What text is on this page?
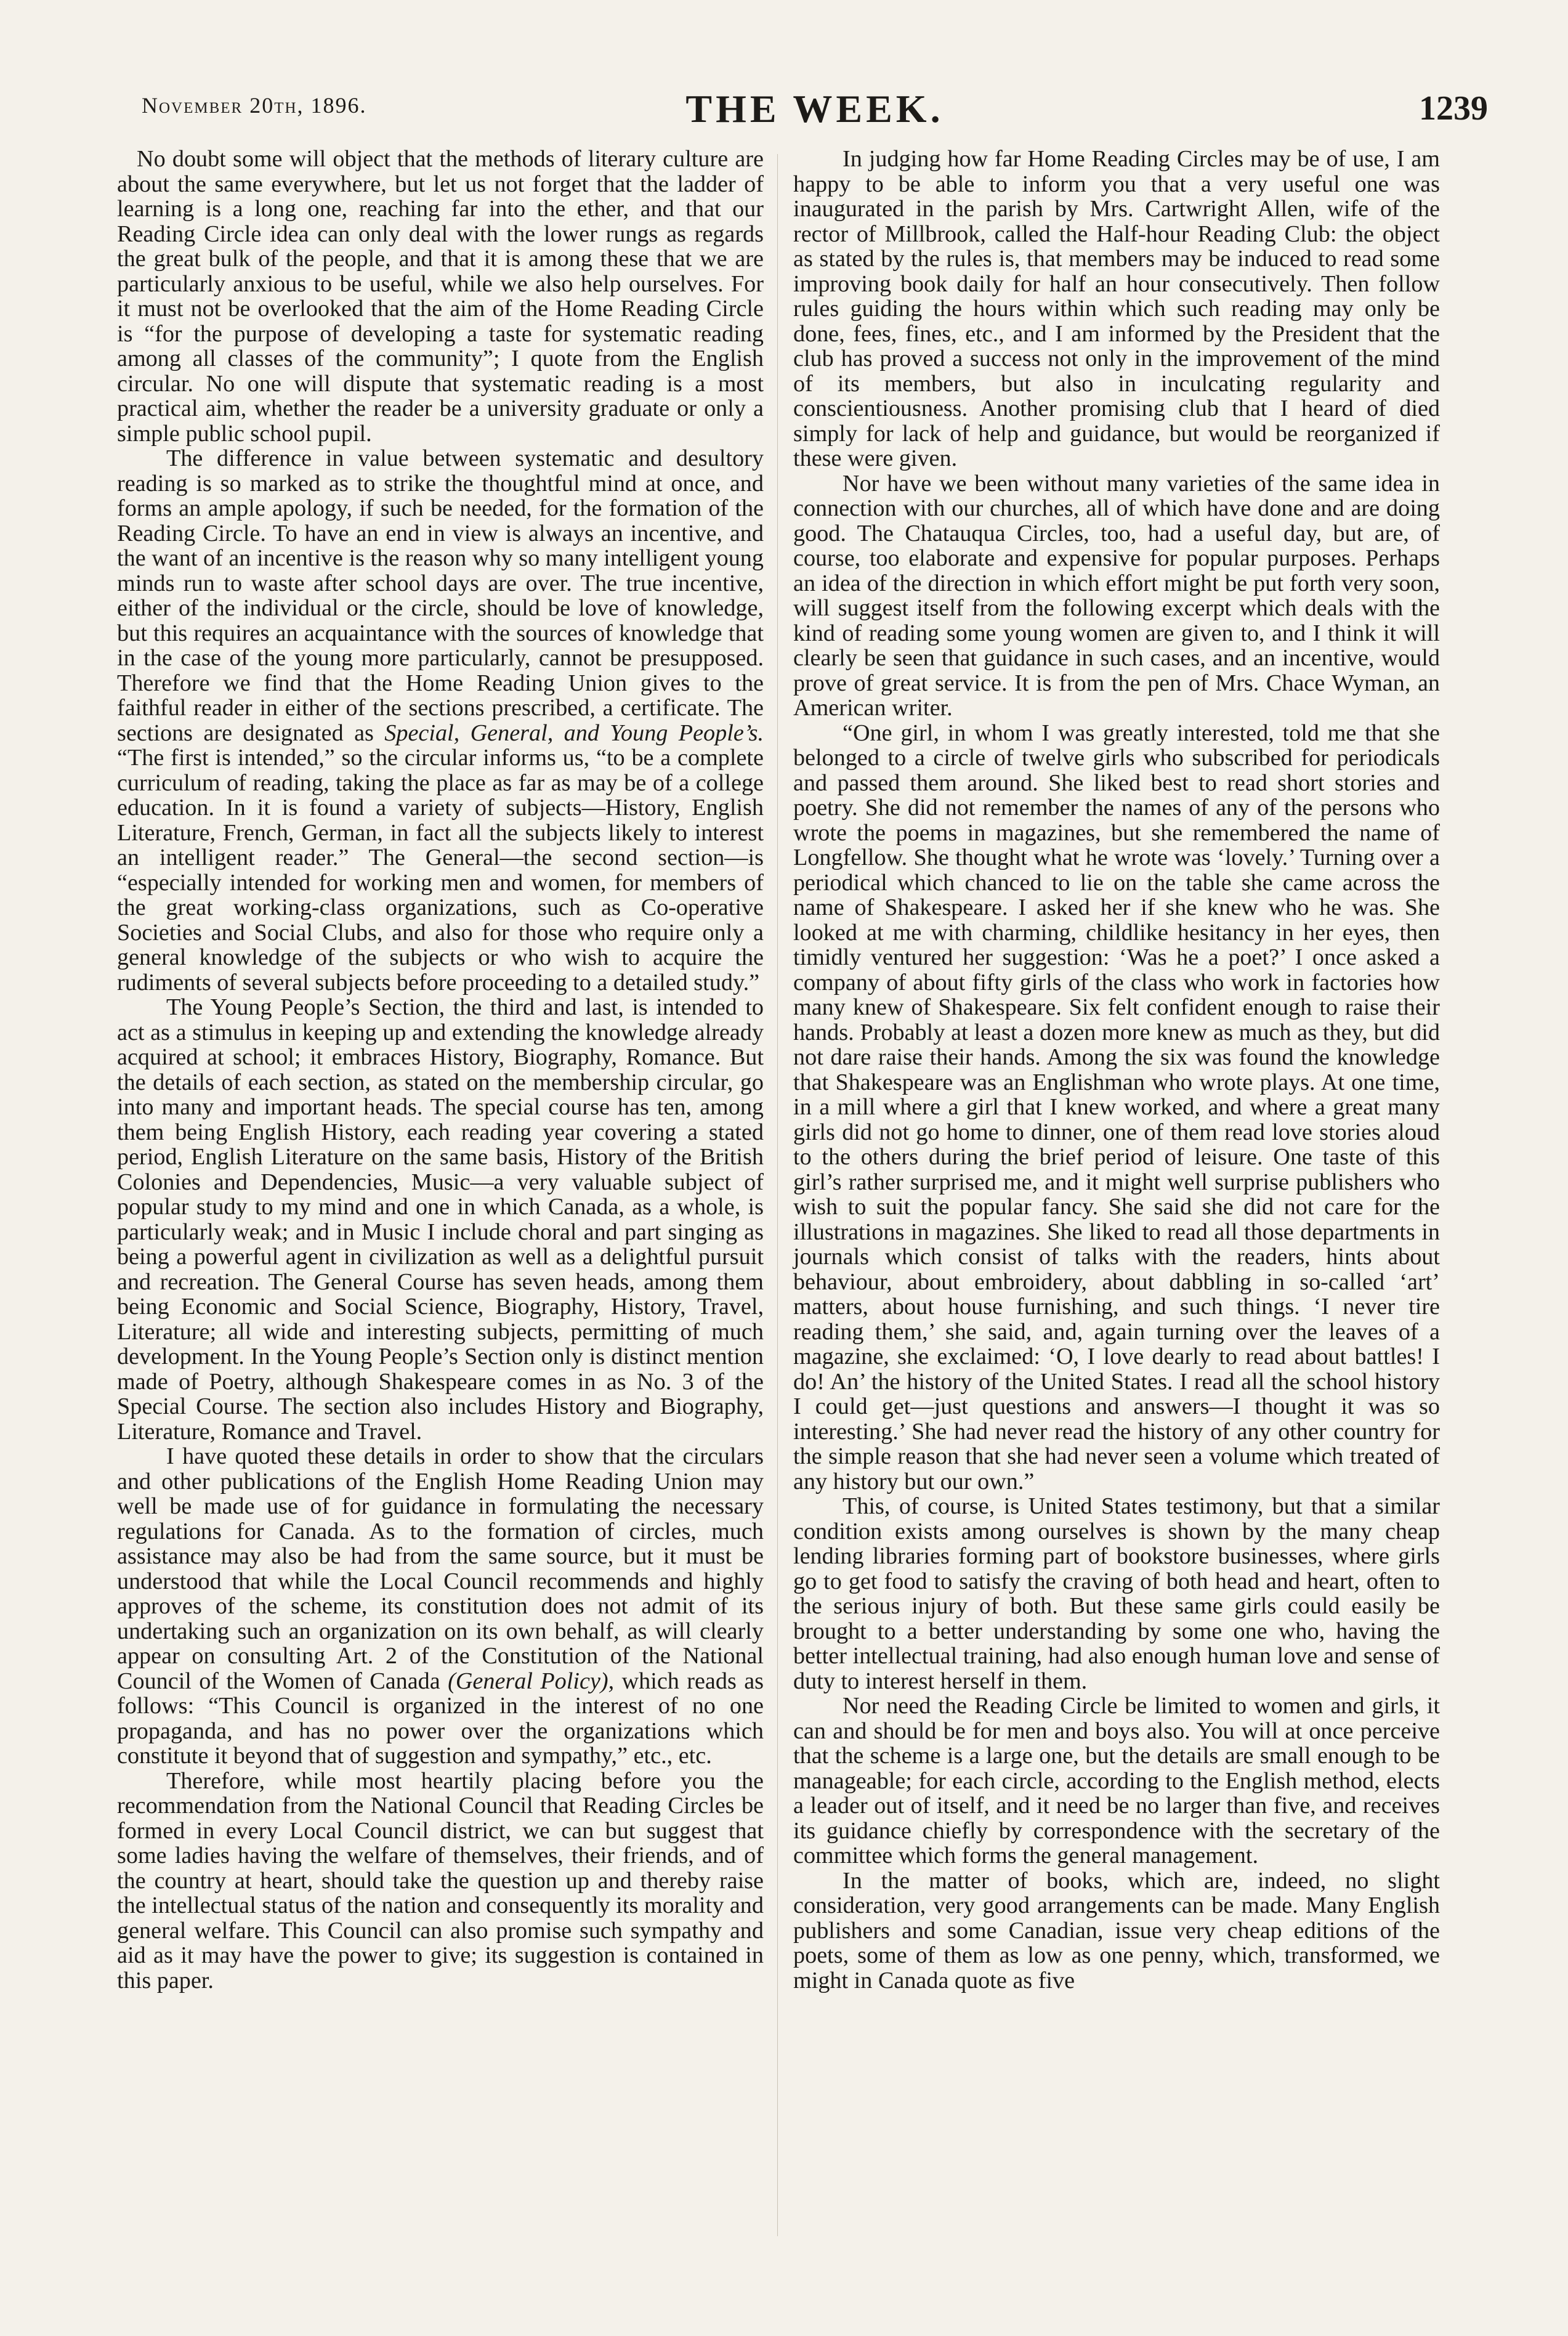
November 20th, 1896.	THE WEEK.	1239

No doubt some will object that the methods of literary culture are about the same everywhere, but let us not forget that the ladder of learning is a long one, reaching far into the ether, and that our Reading Circle idea can only deal with the lower rungs as regards the great bulk of the people, and that it is among these that we are particularly anxious to be useful, while we also help ourselves. For it must not be overlooked that the aim of the Home Reading Circle is “for the purpose of developing a taste for systematic reading among all classes of the community”; I quote from the English circular. No one will dispute that systematic reading is a most practical aim, whether the reader be a university graduate or only a simple public school pupil.

The difference in value between systematic and desultory reading is so marked as to strike the thoughtful mind at once, and forms an ample apology, if such be needed, for the formation of the Reading Circle. To have an end in view is always an incentive, and the want of an incentive is the reason why so many intelligent young minds run to waste after school days are over. The true incentive, either of the individual or the circle, should be love of knowledge, but this requires an acquaintance with the sources of knowledge that in the case of the young more particularly, cannot be presupposed. Therefore we find that the Home Reading Union gives to the faithful reader in either of the sections prescribed, a certificate. The sections are designated as Special, General, and Young People’s. “The first is intended,” so the circular informs us, “to be a complete curriculum of reading, taking the place as far as may be of a college education. In it is found a variety of subjects—History, English Literature, French, German, in fact all the subjects likely to interest an intelligent reader.” The General—the second section—is “especially intended for working men and women, for members of the great working-class organizations, such as Co-operative Societies and Social Clubs, and also for those who require only a general knowledge of the subjects or who wish to acquire the rudiments of several subjects before proceeding to a detailed study.”

The Young People’s Section, the third and last, is intended to act as a stimulus in keeping up and extending the knowledge already acquired at school; it embraces History, Biography, Romance. But the details of each section, as stated on the membership circular, go into many and important heads. The special course has ten, among them being English History, each reading year covering a stated period, English Literature on the same basis, History of the British Colonies and Dependencies, Music—a very valuable subject of popular study to my mind and one in which Canada, as a whole, is particularly weak; and in Music I include choral and part singing as being a powerful agent in civilization as well as a delightful pursuit and recreation. The General Course has seven heads, among them being Economic and Social Science, Biography, History, Travel, Literature; all wide and interesting subjects, permitting of much development. In the Young People’s Section only is distinct mention made of Poetry, although Shakespeare comes in as No. 3 of the Special Course. The section also includes History and Biography, Literature, Romance and Travel.

I have quoted these details in order to show that the circulars and other publications of the English Home Reading Union may well be made use of for guidance in formulating the necessary regulations for Canada. As to the formation of circles, much assistance may also be had from the same source, but it must be understood that while the Local Council recommends and highly approves of the scheme, its constitution does not admit of its undertaking such an organization on its own behalf, as will clearly appear on consulting Art. 2 of the Constitution of the National Council of the Women of Canada (General Policy), which reads as follows: “This Council is organized in the interest of no one propaganda, and has no power over the organizations which constitute it beyond that of suggestion and sympathy,” etc., etc.

Therefore, while most heartily placing before you the recommendation from the National Council that Reading Circles be formed in every Local Council district, we can but suggest that some ladies having the welfare of themselves, their friends, and of the country at heart, should take the question up and thereby raise the intellectual status of the nation and consequently its morality and general welfare. This Council can also promise such sympathy and aid as it may have the power to give; its suggestion is contained in this paper.

In judging how far Home Reading Circles may be of use, I am happy to be able to inform you that a very useful one was inaugurated in the parish by Mrs. Cartwright Allen, wife of the rector of Millbrook, called the Half-hour Reading Club: the object as stated by the rules is, that members may be induced to read some improving book daily for half an hour consecutively. Then follow rules guiding the hours within which such reading may only be done, fees, fines, etc., and I am informed by the President that the club has proved a success not only in the improvement of the mind of its members, but also in inculcating regularity and conscientiousness. Another promising club that I heard of died simply for lack of help and guidance, but would be reorganized if these were given.

Nor have we been without many varieties of the same idea in connection with our churches, all of which have done and are doing good. The Chatauqua Circles, too, had a useful day, but are, of course, too elaborate and expensive for popular purposes. Perhaps an idea of the direction in which effort might be put forth very soon, will suggest itself from the following excerpt which deals with the kind of reading some young women are given to, and I think it will clearly be seen that guidance in such cases, and an incentive, would prove of great service. It is from the pen of Mrs. Chace Wyman, an American writer.

“One girl, in whom I was greatly interested, told me that she belonged to a circle of twelve girls who subscribed for periodicals and passed them around. She liked best to read short stories and poetry. She did not remember the names of any of the persons who wrote the poems in magazines, but she remembered the name of Longfellow. She thought what he wrote was ‘lovely.’ Turning over a periodical which chanced to lie on the table she came across the name of Shakespeare. I asked her if she knew who he was. She looked at me with charming, childlike hesitancy in her eyes, then timidly ventured her suggestion: ‘Was he a poet?’ I once asked a company of about fifty girls of the class who work in factories how many knew of Shakespeare. Six felt confident enough to raise their hands. Probably at least a dozen more knew as much as they, but did not dare raise their hands. Among the six was found the knowledge that Shakespeare was an Englishman who wrote plays. At one time, in a mill where a girl that I knew worked, and where a great many girls did not go home to dinner, one of them read love stories aloud to the others during the brief period of leisure. One taste of this girl’s rather surprised me, and it might well surprise publishers who wish to suit the popular fancy. She said she did not care for the illustrations in magazines. She liked to read all those departments in journals which consist of talks with the readers, hints about behaviour, about embroidery, about dabbling in so-called ‘art’ matters, about house furnishing, and such things. ‘I never tire reading them,’ she said, and, again turning over the leaves of a magazine, she exclaimed: ‘O, I love dearly to read about battles! I do! An’ the history of the United States. I read all the school history I could get—just questions and answers—I thought it was so interesting.’ She had never read the history of any other country for the simple reason that she had never seen a volume which treated of any history but our own.”

This, of course, is United States testimony, but that a similar condition exists among ourselves is shown by the many cheap lending libraries forming part of bookstore businesses, where girls go to get food to satisfy the craving of both head and heart, often to the serious injury of both. But these same girls could easily be brought to a better understanding by some one who, having the better intellectual training, had also enough human love and sense of duty to interest herself in them.

Nor need the Reading Circle be limited to women and girls, it can and should be for men and boys also. You will at once perceive that the scheme is a large one, but the details are small enough to be manageable; for each circle, according to the English method, elects a leader out of itself, and it need be no larger than five, and receives its guidance chiefly by correspondence with the secretary of the committee which forms the general management.

In the matter of books, which are, indeed, no slight consideration, very good arrangements can be made. Many English publishers and some Canadian, issue very cheap editions of the poets, some of them as low as one penny, which, transformed, we might in Canada quote as five
